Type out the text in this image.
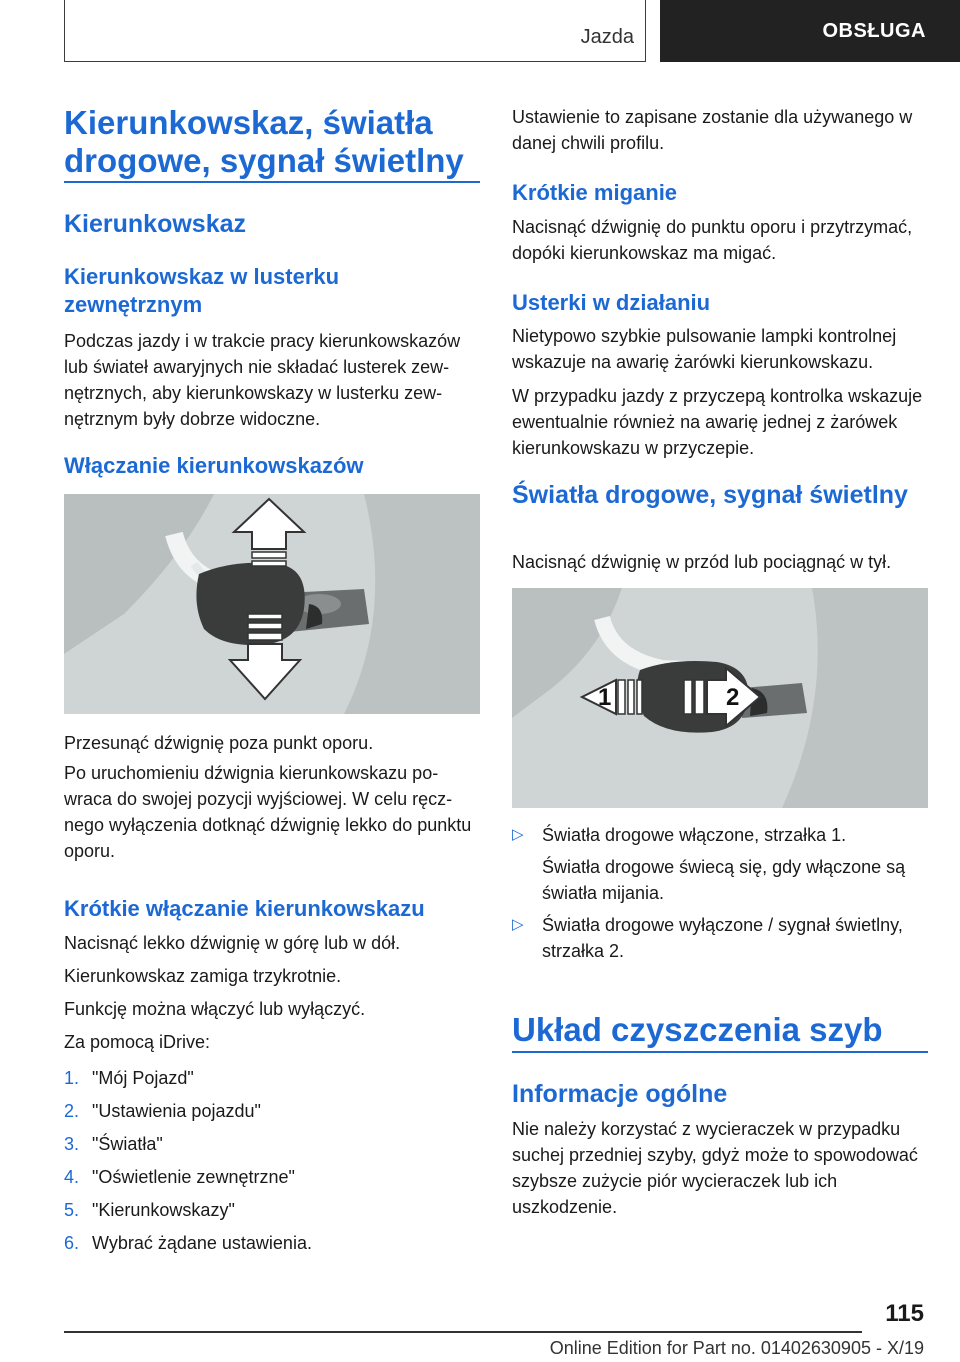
Jazda	OBSŁUGA
Kierunkowskaz, światła drogowe, sygnał świetlny
Kierunkowskaz
Kierunkowskaz w lusterku zewnętrznym
Podczas jazdy i w trakcie pracy kierunkowskazów lub świateł awaryjnych nie składać lusterek zewnętrznych, aby kierunkowskazy w lusterku zewnętrznym były dobrze widoczne.
Włączanie kierunkowskazów
Przesunąć dźwignię poza punkt oporu.
Po uruchomieniu dźwignia kierunkowskazu powraca do swojej pozycji wyjściowej. W celu ręcznego wyłączenia dotknąć dźwignię lekko do punktu oporu.
Krótkie włączanie kierunkowskazu
Nacisnąć lekko dźwignię w górę lub w dół.
Kierunkowskaz zamiga trzykrotnie.
Funkcję można włączyć lub wyłączyć.
Za pomocą iDrive:
1. "Mój Pojazd"
2. "Ustawienia pojazdu"
3. "Światła"
4. "Oświetlenie zewnętrzne"
5. "Kierunkowskazy"
6. Wybrać żądane ustawienia.
Ustawienie to zapisane zostanie dla używanego w danej chwili profilu.
Krótkie miganie
Nacisnąć dźwignię do punktu oporu i przytrzymać, dopóki kierunkowskaz ma migać.
Usterki w działaniu
Nietypowo szybkie pulsowanie lampki kontrolnej wskazuje na awarię żarówki kierunkowskazu.
W przypadku jazdy z przyczepą kontrolka wskazuje ewentualnie również na awarię jednej z żarówek kierunkowskazu w przyczepie.
Światła drogowe, sygnał świetlny
Nacisnąć dźwignię w przód lub pociągnąć w tył.
1	2
▷	Światła drogowe włączone, strzałka 1.
Światła drogowe świecą się, gdy włączone są światła mijania.
▷	Światła drogowe wyłączone / sygnał świetlny, strzałka 2.
Układ czyszczenia szyb
Informacje ogólne
Nie należy korzystać z wycieraczek w przypadku suchej przedniej szyby, gdyż może to spowodować szybsze zużycie piór wycieraczek lub ich uszkodzenie.
115
Online Edition for Part no. 01402630905 - X/19
